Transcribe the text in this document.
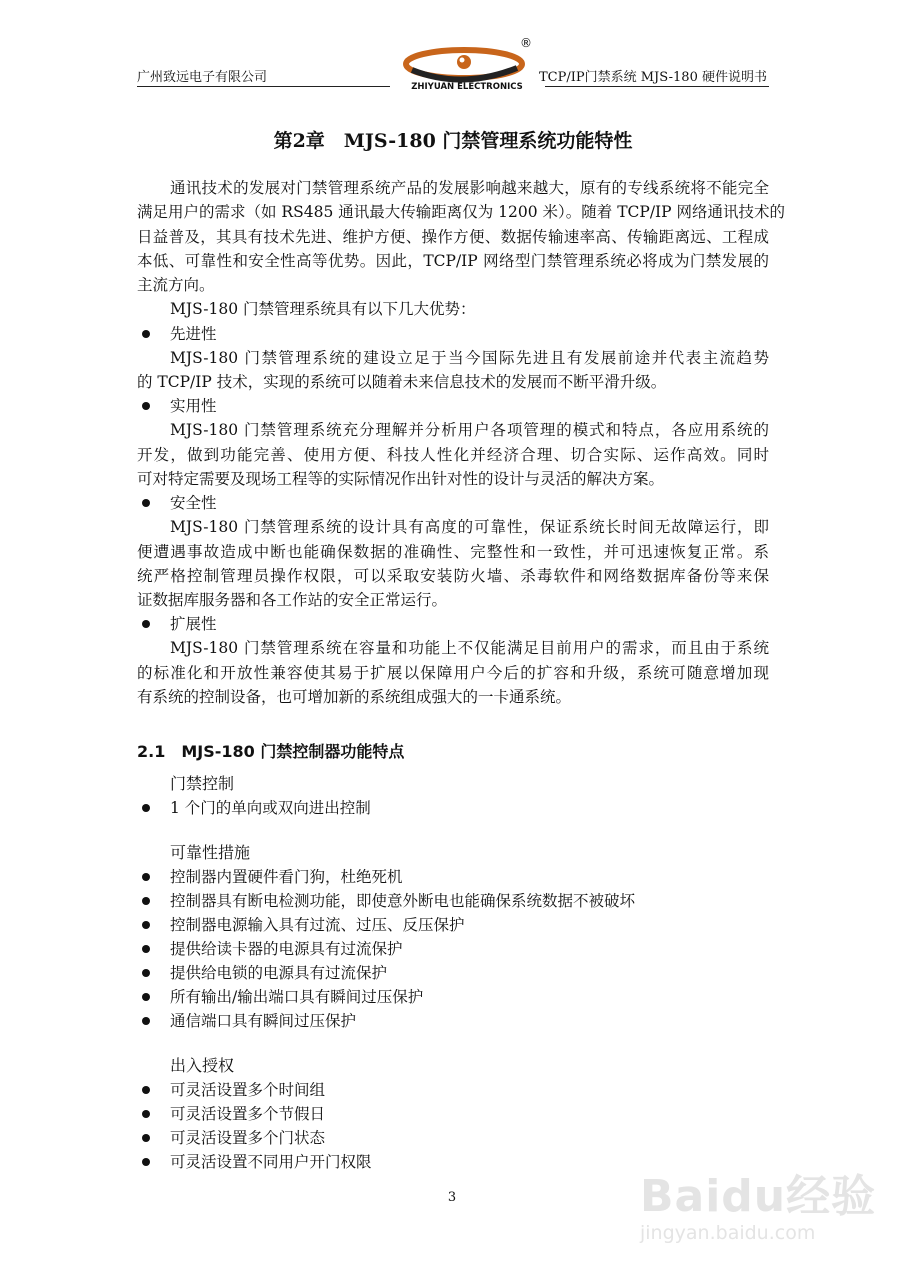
广州致远电子有限公司	TCP/IP门禁系统 MJS-180 硬件说明书
®
ZHIYUAN ELECTRONICS
第2章　MJS-180 门禁管理系统功能特性
通讯技术的发展对门禁管理系统产品的发展影响越来越大，原有的专线系统将不能完全
满足用户的需求（如 RS485 通讯最大传输距离仅为 1200 米）。随着 TCP/IP 网络通讯技术的
日益普及，其具有技术先进、维护方便、操作方便、数据传输速率高、传输距离远、工程成
本低、可靠性和安全性高等优势。因此，TCP/IP 网络型门禁管理系统必将成为门禁发展的
主流方向。
MJS-180 门禁管理系统具有以下几大优势：
先进性
MJS-180 门禁管理系统的建设立足于当今国际先进且有发展前途并代表主流趋势
的 TCP/IP 技术，实现的系统可以随着未来信息技术的发展而不断平滑升级。
实用性
MJS-180 门禁管理系统充分理解并分析用户各项管理的模式和特点，各应用系统的
开发，做到功能完善、使用方便、科技人性化并经济合理、切合实际、运作高效。同时
可对特定需要及现场工程等的实际情况作出针对性的设计与灵活的解决方案。
安全性
MJS-180 门禁管理系统的设计具有高度的可靠性，保证系统长时间无故障运行，即
便遭遇事故造成中断也能确保数据的准确性、完整性和一致性，并可迅速恢复正常。系
统严格控制管理员操作权限，可以采取安装防火墙、杀毒软件和网络数据库备份等来保
证数据库服务器和各工作站的安全正常运行。
扩展性
MJS-180 门禁管理系统在容量和功能上不仅能满足目前用户的需求，而且由于系统
的标准化和开放性兼容使其易于扩展以保障用户今后的扩容和升级，系统可随意增加现
有系统的控制设备，也可增加新的系统组成强大的一卡通系统。
2.1　MJS-180 门禁控制器功能特点
门禁控制
1 个门的单向或双向进出控制
可靠性措施
控制器内置硬件看门狗，杜绝死机
控制器具有断电检测功能，即使意外断电也能确保系统数据不被破坏
控制器电源输入具有过流、过压、反压保护
提供给读卡器的电源具有过流保护
提供给电锁的电源具有过流保护
所有输出/输出端口具有瞬间过压保护
通信端口具有瞬间过压保护
出入授权
可灵活设置多个时间组
可灵活设置多个节假日
可灵活设置多个门状态
可灵活设置不同用户开门权限
3	Baidu经验
jingyan.baidu.com
